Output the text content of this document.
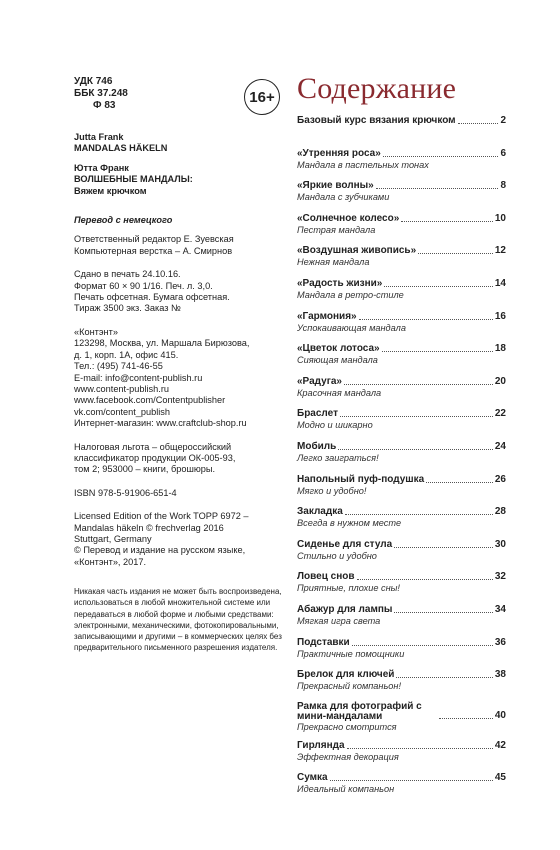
16+
УДК 746
ББК 37.248
Ф 83
Jutta Frank
MANDALAS HÄKELN
Ютта Франк
ВОЛШЕБНЫЕ МАНДАЛЫ:
Вяжем крючком
Перевод с немецкого
Ответственный редактор Е. Зуевская
Компьютерная верстка – А. Смирнов
Сдано в печать 24.10.16.
Формат 60 × 90 1/16. Печ. л. 3,0.
Печать офсетная. Бумага офсетная.
Тираж 3500 экз. Заказ №
«Контэнт»
123298, Москва, ул. Маршала Бирюзова,
д. 1, корп. 1А, офис 415.
Тел.: (495) 741-46-55
E-mail: info@content-publish.ru
www.content-publish.ru
www.facebook.com/Contentpublisher
vk.com/content_publish
Интернет-магазин: www.craftclub-shop.ru
Налоговая льгота – общероссийский
классификатор продукции ОК-005-93,
том 2; 953000 – книги, брошюры.
ISBN 978-5-91906-651-4
Licensed Edition of the Work TOPP 6972 –
Mandalas häkeln © frechverlag 2016
Stuttgart, Germany
© Перевод и издание на русском языке,
«Контэнт», 2017.
Никакая часть издания не может быть воспроизведена,
использоваться в любой множительной системе или
передаваться в любой форме и любыми средствами:
электронными, механическими, фотокопировальными,
записывающими и другими – в коммерческих целях без
предварительного письменного разрешения издателя.
Содержание
Базовый курс вязания крючком	2
«Утренняя роса»	6
Мандала в пастельных тонах
«Яркие волны»	8
Мандала с зубчиками
«Солнечное колесо»	10
Пестрая мандала
«Воздушная живопись»	12
Нежная мандала
«Радость жизни»	14
Мандала в ретро-стиле
«Гармония»	16
Успокаивающая мандала
«Цветок лотоса»	18
Сияющая мандала
«Радуга»	20
Красочная мандала
Браслет	22
Модно и шикарно
Мобиль	24
Легко заиграться!
Напольный пуф-подушка	26
Мягко и удобно!
Закладка	28
Всегда в нужном месте
Сиденье для стула	30
Стильно и удобно
Ловец снов	32
Приятные, плохие сны!
Абажур для лампы	34
Мягкая игра света
Подставки	36
Практичные помощники
Брелок для ключей	38
Прекрасный компаньон!
Рамка для фотографий с мини-мандалами	40
Прекрасно смотрится
Гирлянда	42
Эффектная декорация
Сумка	45
Идеальный компаньон
